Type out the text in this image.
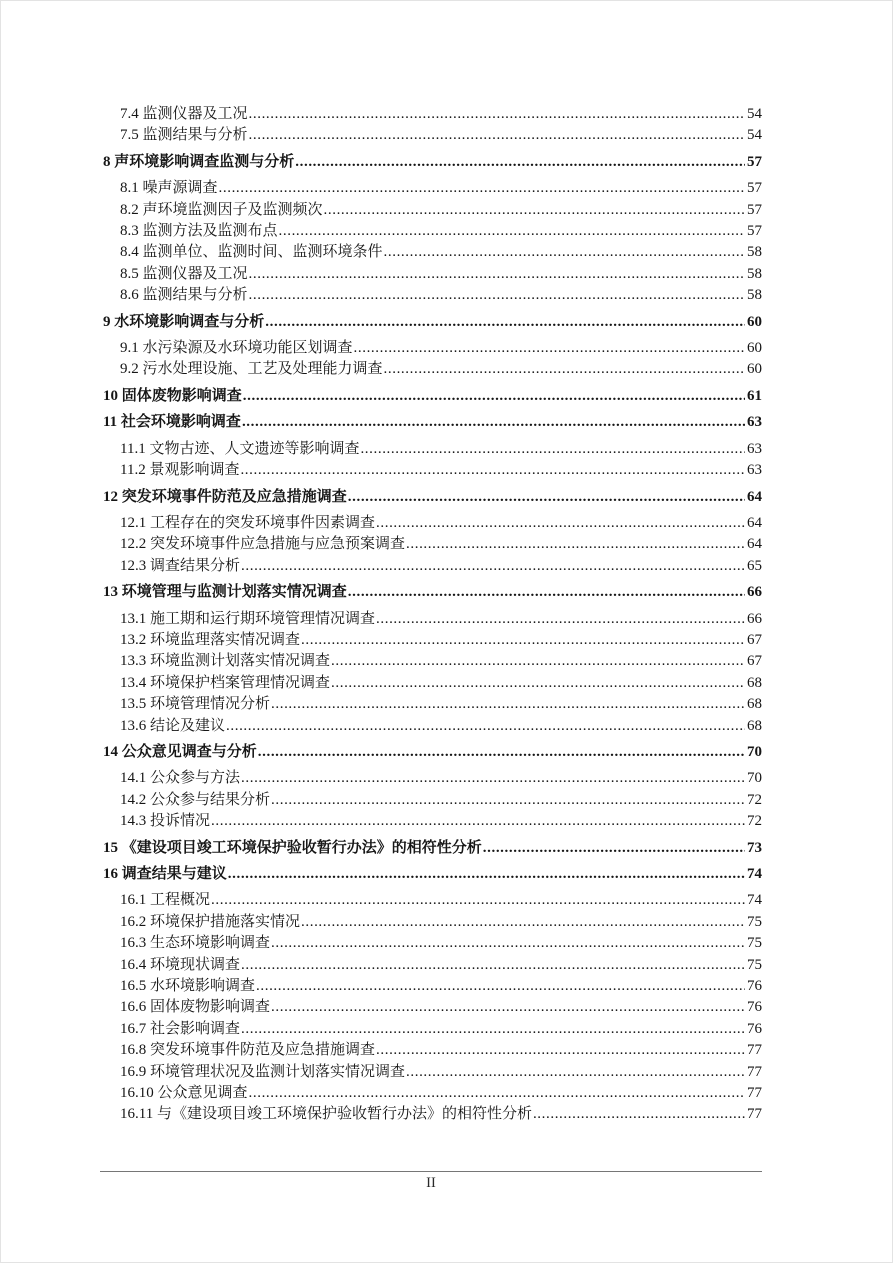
7.4 监测仪器及工况 .....	54
7.5 监测结果与分析 .....	54
8 声环境影响调查监测与分析 .....	57
8.1 噪声源调查 .....	57
8.2 声环境监测因子及监测频次 .....	57
8.3 监测方法及监测布点 .....	57
8.4 监测单位、监测时间、监测环境条件 .....	58
8.5 监测仪器及工况 .....	58
8.6 监测结果与分析 .....	58
9 水环境影响调查与分析 .....	60
9.1 水污染源及水环境功能区划调查 .....	60
9.2 污水处理设施、工艺及处理能力调查 .....	60
10 固体废物影响调查 .....	61
11 社会环境影响调查 .....	63
11.1 文物古迹、人文遗迹等影响调查 .....	63
11.2 景观影响调查 .....	63
12 突发环境事件防范及应急措施调查 .....	64
12.1 工程存在的突发环境事件因素调查 .....	64
12.2 突发环境事件应急措施与应急预案调查 .....	64
12.3 调查结果分析 .....	65
13 环境管理与监测计划落实情况调查 .....	66
13.1 施工期和运行期环境管理情况调查 .....	66
13.2 环境监理落实情况调查 .....	67
13.3 环境监测计划落实情况调查 .....	67
13.4 环境保护档案管理情况调查 .....	68
13.5 环境管理情况分析 .....	68
13.6 结论及建议 .....	68
14 公众意见调查与分析 .....	70
14.1 公众参与方法 .....	70
14.2 公众参与结果分析 .....	72
14.3 投诉情况 .....	72
15 《建设项目竣工环境保护验收暂行办法》的相符性分析 .....	73
16 调查结果与建议 .....	74
16.1 工程概况 .....	74
16.2 环境保护措施落实情况 .....	75
16.3 生态环境影响调查 .....	75
16.4 环境现状调查 .....	75
16.5 水环境影响调查 .....	76
16.6 固体废物影响调查 .....	76
16.7 社会影响调查 .....	76
16.8 突发环境事件防范及应急措施调查 .....	77
16.9 环境管理状况及监测计划落实情况调查 .....	77
16.10 公众意见调查 .....	77
16.11 与《建设项目竣工环境保护验收暂行办法》的相符性分析 .....	77
II
